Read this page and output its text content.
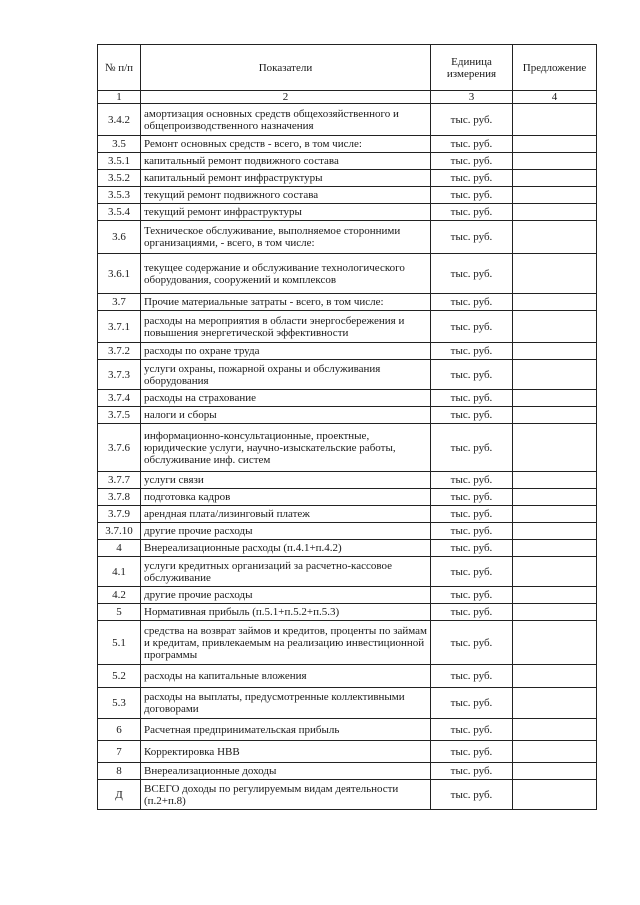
№ п/п	Показатели	Единица измерения	Предложение
1	2	3	4
3.4.2	амортизация основных средств общехозяйственного и общепроизводственного назначения	тыс. руб.	
3.5	Ремонт основных средств - всего, в том числе:	тыс. руб.	
3.5.1	капитальный ремонт подвижного состава	тыс. руб.	
3.5.2	капитальный ремонт инфраструктуры	тыс. руб.	
3.5.3	текущий ремонт подвижного состава	тыс. руб.	
3.5.4	текущий ремонт инфраструктуры	тыс. руб.	
3.6	Техническое обслуживание, выполняемое сторонними организациями, - всего, в том числе:	тыс. руб.	
3.6.1	текущее содержание и обслуживание технологического оборудования, сооружений и комплексов	тыс. руб.	
3.7	Прочие материальные затраты - всего, в том числе:	тыс. руб.	
3.7.1	расходы на мероприятия в области энергосбережения и повышения энергетической эффективности	тыс. руб.	
3.7.2	расходы по охране труда	тыс. руб.	
3.7.3	услуги охраны, пожарной охраны и обслуживания оборудования	тыс. руб.	
3.7.4	расходы на страхование	тыс. руб.	
3.7.5	налоги и сборы	тыс. руб.	
3.7.6	информационно-консультационные, проектные, юридические услуги, научно-изыскательские работы, обслуживание инф. систем	тыс. руб.	
3.7.7	услуги связи	тыс. руб.	
3.7.8	подготовка кадров	тыс. руб.	
3.7.9	арендная плата/лизинговый платеж	тыс. руб.	
3.7.10	другие прочие расходы	тыс. руб.	
4	Внереализационные расходы (п.4.1+п.4.2)	тыс. руб.	
4.1	услуги кредитных организаций за расчетно-кассовое обслуживание	тыс. руб.	
4.2	другие прочие расходы	тыс. руб.	
5	Нормативная прибыль (п.5.1+п.5.2+п.5.3)	тыс. руб.	
5.1	средства на возврат займов и кредитов, проценты по займам и кредитам, привлекаемым на реализацию инвестиционной программы	тыс. руб.	
5.2	расходы на капитальные вложения	тыс. руб.	
5.3	расходы на выплаты, предусмотренные коллективными договорами	тыс. руб.	
6	Расчетная предпринимательская прибыль	тыс. руб.	
7	Корректировка НВВ	тыс. руб.	
8	Внереализационные доходы	тыс. руб.	
Д	ВСЕГО доходы по регулируемым видам деятельности (п.2+п.8)	тыс. руб.	
